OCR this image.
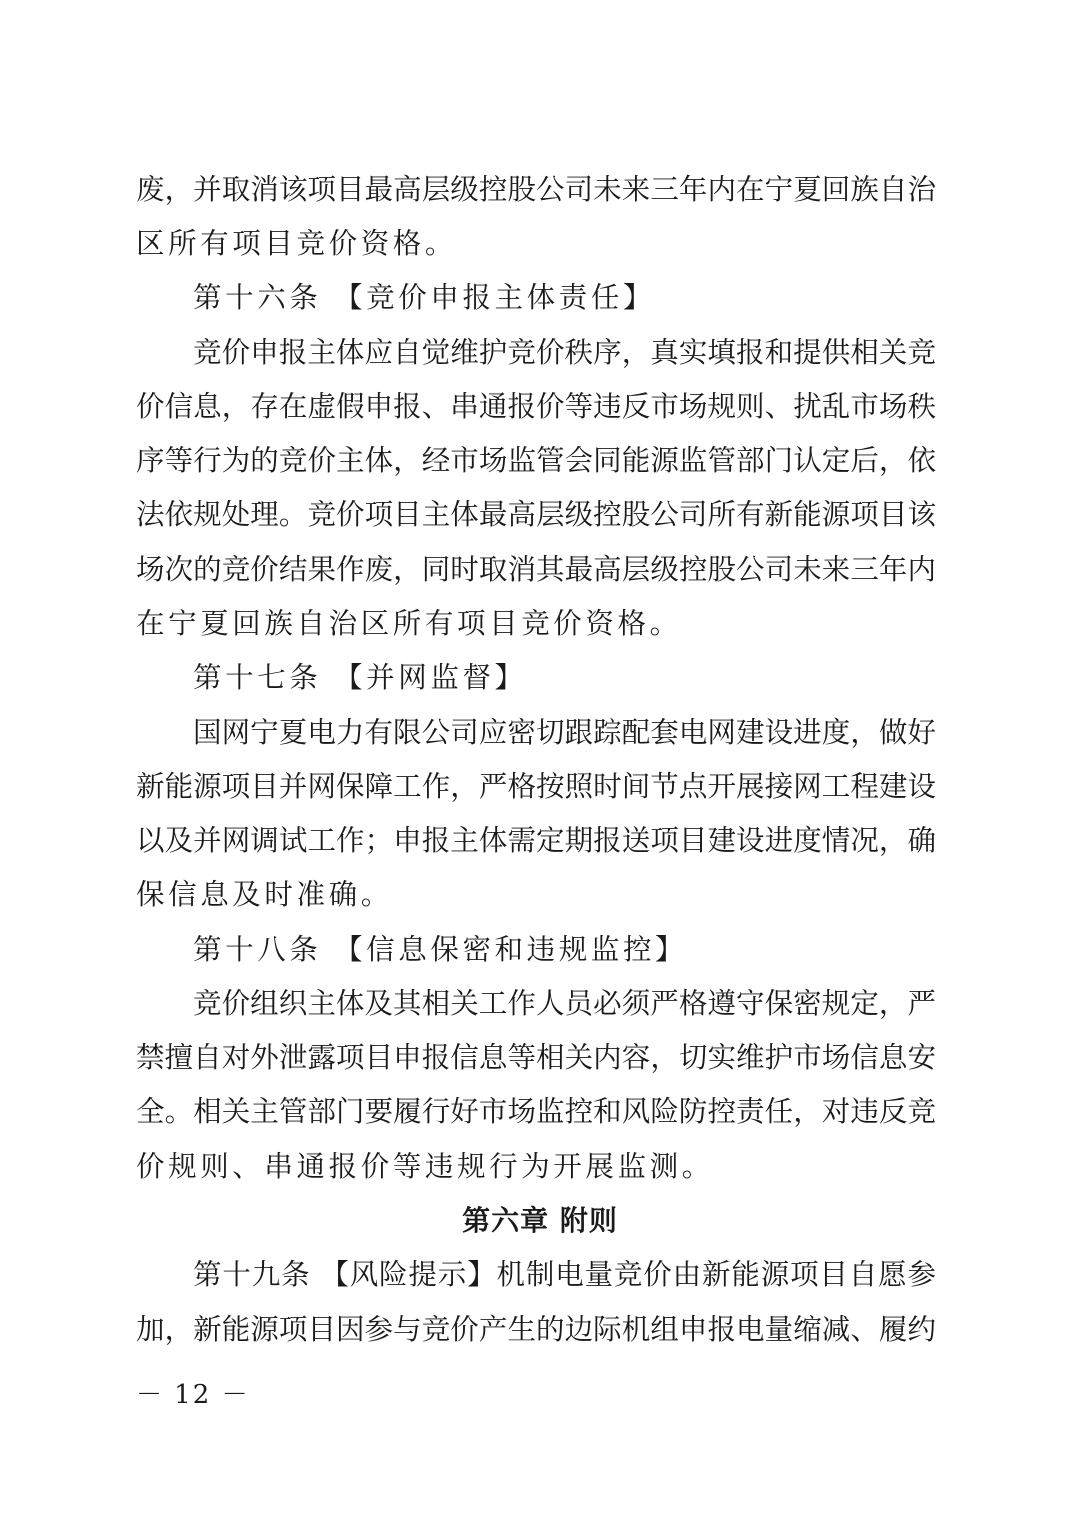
废，并取消该项目最高层级控股公司未来三年内在宁夏回族自治
区所有项目竞价资格。
第十六条 【竞价申报主体责任】
竞价申报主体应自觉维护竞价秩序，真实填报和提供相关竞
价信息，存在虚假申报、串通报价等违反市场规则、扰乱市场秩
序等行为的竞价主体，经市场监管会同能源监管部门认定后，依
法依规处理。竞价项目主体最高层级控股公司所有新能源项目该
场次的竞价结果作废，同时取消其最高层级控股公司未来三年内
在宁夏回族自治区所有项目竞价资格。
第十七条 【并网监督】
国网宁夏电力有限公司应密切跟踪配套电网建设进度，做好
新能源项目并网保障工作，严格按照时间节点开展接网工程建设
以及并网调试工作；申报主体需定期报送项目建设进度情况，确
保信息及时准确。
第十八条 【信息保密和违规监控】
竞价组织主体及其相关工作人员必须严格遵守保密规定，严
禁擅自对外泄露项目申报信息等相关内容，切实维护市场信息安
全。相关主管部门要履行好市场监控和风险防控责任，对违反竞
价规则、串通报价等违规行为开展监测。
第六章 附则
第十九条 【风险提示】机制电量竞价由新能源项目自愿参
加，新能源项目因参与竞价产生的边际机组申报电量缩减、履约
－ 12 －
